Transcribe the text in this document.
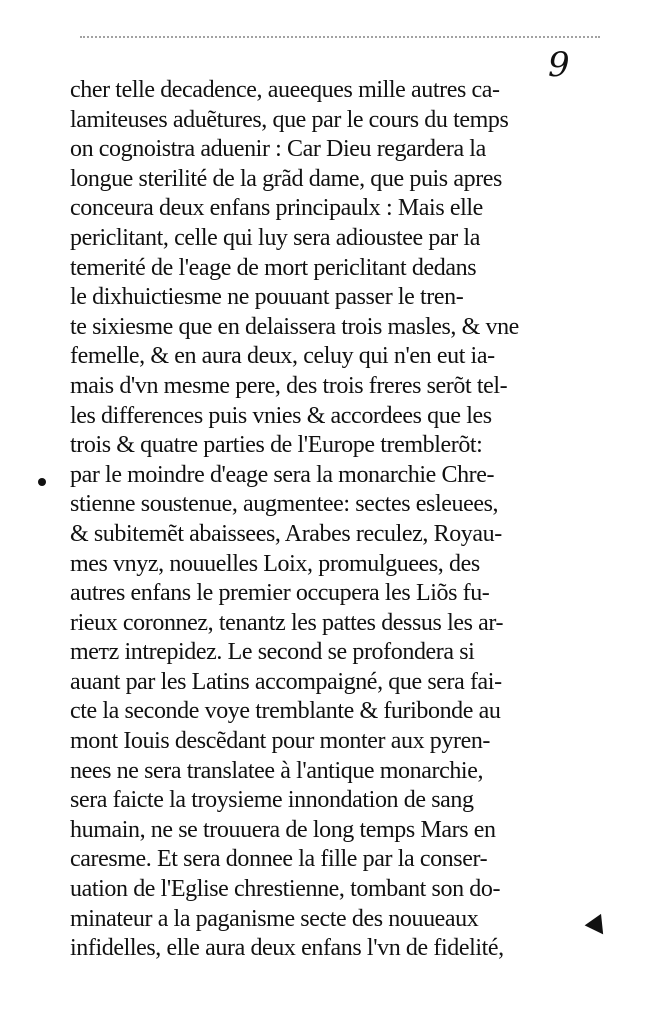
9
cher telle decadence, aueeques mille autres ca-
lamiteuses aduẽtures, que par le cours du temps
on cognoistra aduenir : Car Dieu regardera la
longue sterilité de la grãd dame, que puis apres
conceura deux enfans principaulx : Mais elle
periclitant, celle qui luy sera adioustee par la
temerité de l'eage de mort periclitant dedans
le dixhuictiesme ne pouuant passer le tren-
te sixiesme que en delaissera trois masles, & vne
femelle, & en aura deux, celuy qui n'en eut ia-
mais d'vn mesme pere, des trois freres serõt tel-
les differences puis vnies & accordees que les
trois & quatre parties de l'Europe tremblerõt:
par le moindre d'eage sera la monarchie Chre-
stienne soustenue, augmentee: sectes esleuees,
& subitemẽt abaissees, Arabes reculez, Royau-
mes vnyz, nouuelles Loix, promulguees, des
autres enfans le premier occupera les Liõs fu-
rieux coronnez, tenantz les pattes dessus les ar-
meтz intrepidez. Le second se profondera si
auant par les Latins accompaigné, que sera fai-
cte la seconde voye tremblante & furibonde au
mont Iouis descẽdant pour monter aux pyren-
nees ne sera translatee à l'antique monarchie,
sera faicte la troysieme innondation de sang
humain, ne se trouuera de long temps Mars en
caresme. Et sera donnee la fille par la conser-
uation de l'Eglise chrestienne, tombant son do-
minateur a la paganisme secte des nouueaux
infidelles, elle aura deux enfans l'vn de fidelité,
